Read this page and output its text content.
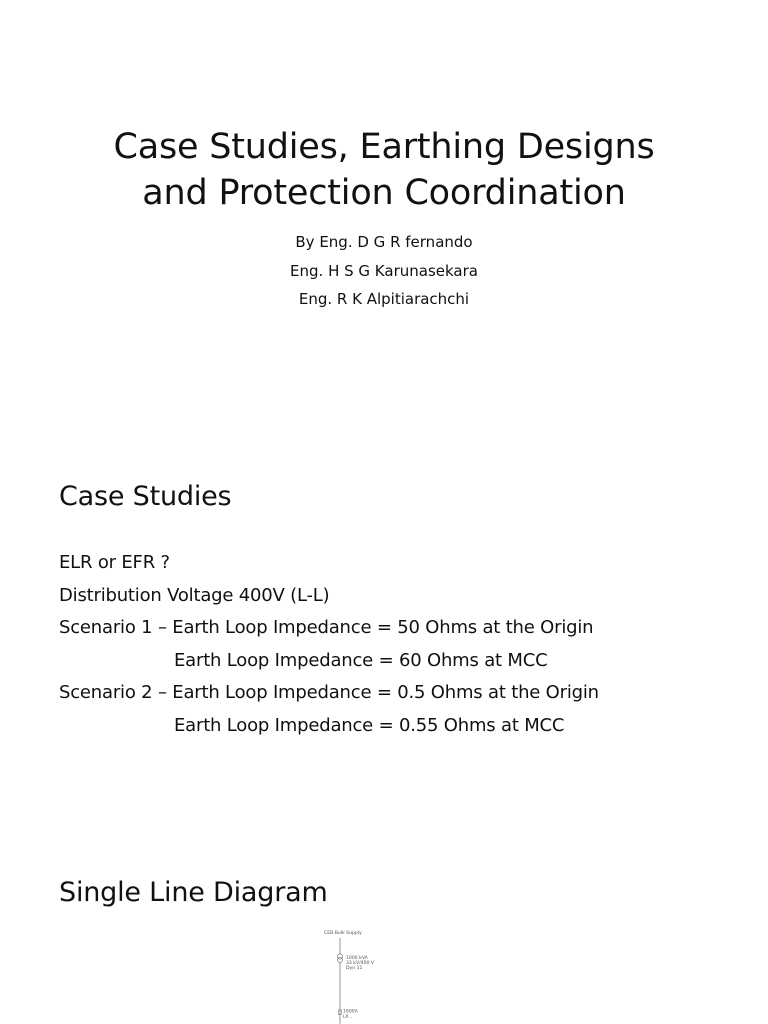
Case Studies, Earthing Designs
and Protection Coordination
By Eng. D G R fernando
Eng. H S G Karunasekara
Eng. R K Alpitiarachchi
Case Studies
ELR or EFR ?
Distribution Voltage 400V (L-L)
Scenario 1 – Earth Loop Impedance = 50 Ohms at the Origin
Earth Loop Impedance = 60 Ohms at MCC
Scenario 2 – Earth Loop Impedance = 0.5 Ohms at the Origin
Earth Loop Impedance = 0.55 Ohms at MCC
Single Line Diagram
CEB Bulk Supply
1000 kVA
33 kV/400 V
Dyn 11
1600A
LP...
